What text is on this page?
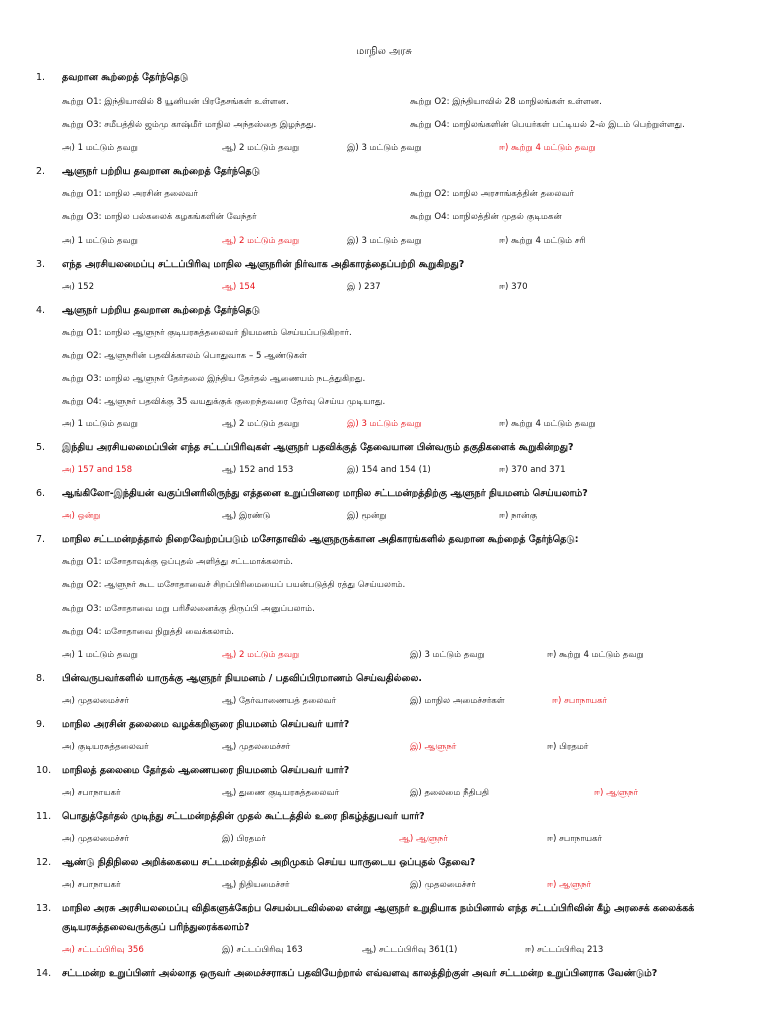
மாநில அரசு
1. தவறான கூற்றைத் தேர்ந்தெடு
கூற்று O1: இந்தியாவில் 8 யூனியன் பிரதேசங்கள் உள்ளன.	கூற்று O2: இந்தியாவில் 28 மாநிலங்கள் உள்ளன.
கூற்று O3: சமீபத்தில் ஜம்மு காஷ்மீர் மாநில அந்தஸ்தை இழந்தது.	கூற்று O4: மாநிலங்களின் பெயர்கள் பட்டியல் 2-ல் இடம் பெற்றுள்ளது.
அ) 1 மட்டும் தவறு	ஆ) 2 மட்டும் தவறு	இ) 3 மட்டும் தவறு	ஈ) கூற்று 4 மட்டும் தவறு
2. ஆளுநர் பற்றிய தவறான கூற்றைத் தேர்ந்தெடு
கூற்று O1: மாநில அரசின் தலைவர்	கூற்று O2: மாநில அரசாங்கத்தின் தலைவர்
கூற்று O3: மாநில பல்கலைக் கழகங்களின் வேந்தர்	கூற்று O4: மாநிலத்தின் முதல் குடிமகன்
அ) 1 மட்டும் தவறு	ஆ) 2 மட்டும் தவறு	இ) 3 மட்டும் தவறு	ஈ) கூற்று 4 மட்டும் சரி
3. எந்த அரசியலமைப்பு சட்டப்பிரிவு மாநில ஆளுநரின் நிர்வாக அதிகாரத்தைப்பற்றி கூறுகிறது?
அ) 152	ஆ) 154	இ ) 237	ஈ) 370
4. ஆளுநர் பற்றிய தவறான கூற்றைத் தேர்ந்தெடு
கூற்று O1: மாநில ஆளுநர் குடியரசுத்தலைவர் நியமனம் செய்யப்படுகிறார்.
கூற்று O2: ஆளுநரின் பதவிக்காலம் பொதுவாக – 5 ஆண்டுகள்
கூற்று O3: மாநில ஆளுநர் தேர்தலை இந்திய தேர்தல் ஆணையம் நடத்துகிறது.
கூற்று O4: ஆளுநர் பதவிக்கு 35 வயதுக்குக் குறைந்தவரை தேர்வு செய்ய முடியாது.
அ) 1 மட்டும் தவறு	ஆ) 2 மட்டும் தவறு	இ) 3 மட்டும் தவறு	ஈ) கூற்று 4 மட்டும் தவறு
5. இந்திய அரசியலமைப்பின் எந்த சட்டப்பிரிவுகள் ஆளுநர் பதவிக்குத் தேவையான பின்வரும் தகுதிகளைக் கூறுகின்றது?
அ) 157 and 158	ஆ) 152 and 153	இ) 154 and 154 (1)	ஈ) 370 and 371
6. ஆங்கிலோ-இந்தியன் வகுப்பினரிலிருந்து எத்தனை உறுப்பினரை மாநில சட்டமன்றத்திற்கு ஆளுநர் நியமனம் செய்யலாம்?
அ) ஒன்று	ஆ) இரண்டு	இ) மூன்று	ஈ) நான்கு
7. மாநில சட்டமன்றத்தால் நிறைவேற்றப்படும் மசோதாவில் ஆளுநருக்கான அதிகாரங்களில் தவறான கூற்றைத் தேர்ந்தெடு:
கூற்று O1: மசோதாவுக்கு ஒப்புதல் அளித்து சட்டமாக்கலாம்.
கூற்று O2: ஆளுநர் கூட மசோதாவைச் சிறப்பிரிமையைப் பயன்படுத்தி ரத்து செய்யலாம்.
கூற்று O3: மசோதாவை மறு பரிசீலனைக்கு திருப்பி அனுப்பலாம்.
கூற்று O4: மசோதாவை நிறுத்தி வைக்கலாம்.
அ) 1 மட்டும் தவறு	ஆ) 2 மட்டும் தவறு	இ) 3 மட்டும் தவறு	ஈ) கூற்று 4 மட்டும் தவறு
8. பின்வருபவர்களில் யாருக்கு ஆளுநர் நியமனம் / பதவிப்பிரமாணம் செய்வதில்லை.
அ) முதலமைச்சர்	ஆ) தேர்வாணையத் தலைவர்	இ) மாநில அமைச்சர்கள்	ஈ) சபாநாயகர்
9. மாநில அரசின் தலைமை வழக்கறிஞரை நியமனம் செய்பவர் யார்?
அ) குடியரசுத்தலைவர்	ஆ) முதலமைச்சர்	இ) ஆளுநர்	ஈ) பிரதமர்
10. மாநிலத் தலைமை தேர்தல் ஆணையரை நியமனம் செய்பவர் யார்?
அ) சபாநாயகர்	ஆ) துணை குடியரசுத்தலைவர்	இ) தலைமை நீதிபதி	ஈ) ஆளுநர்
11. பொதுத்தேர்தல் முடிந்து சட்டமன்றத்தின் முதல் கூட்டத்தில் உரை நிகழ்த்துபவர் யார்?
அ) முதலமைச்சர்	இ) பிரதமர்	ஆ) ஆளுநர்	ஈ) சபாநாயகர்
12. ஆண்டு நிதிநிலை அறிக்கையை சட்டமன்றத்தில் அறிமுகம் செய்ய யாருடைய ஒப்புதல் தேவை?
அ) சபாநாயகர்	ஆ) நிதியமைச்சர்	இ) முதலமைச்சர்	ஈ) ஆளுநர்
13. மாநில அரசு அரசியலமைப்பு விதிகளுக்கேற்ப செயல்படவில்லை என்று ஆளுநர் உறுதியாக நம்பினால் எந்த சட்டப்பிரிவின் கீழ் அரசைக் கலைக்கக்
குடியரசுத்தலைவருக்குப் பரிந்துரைக்கலாம்?
அ) சட்டப்பிரிவு 356	இ) சட்டப்பிரிவு 163	ஆ) சட்டப்பிரிவு 361(1)	ஈ) சட்டப்பிரிவு 213
14. சட்டமன்ற உறுப்பினர் அல்லாத ஒருவர் அமைச்சராகப் பதவியேற்றால் எவ்வளவு காலத்திற்குள் அவர் சட்டமன்ற உறுப்பினராக வேண்டும்?
